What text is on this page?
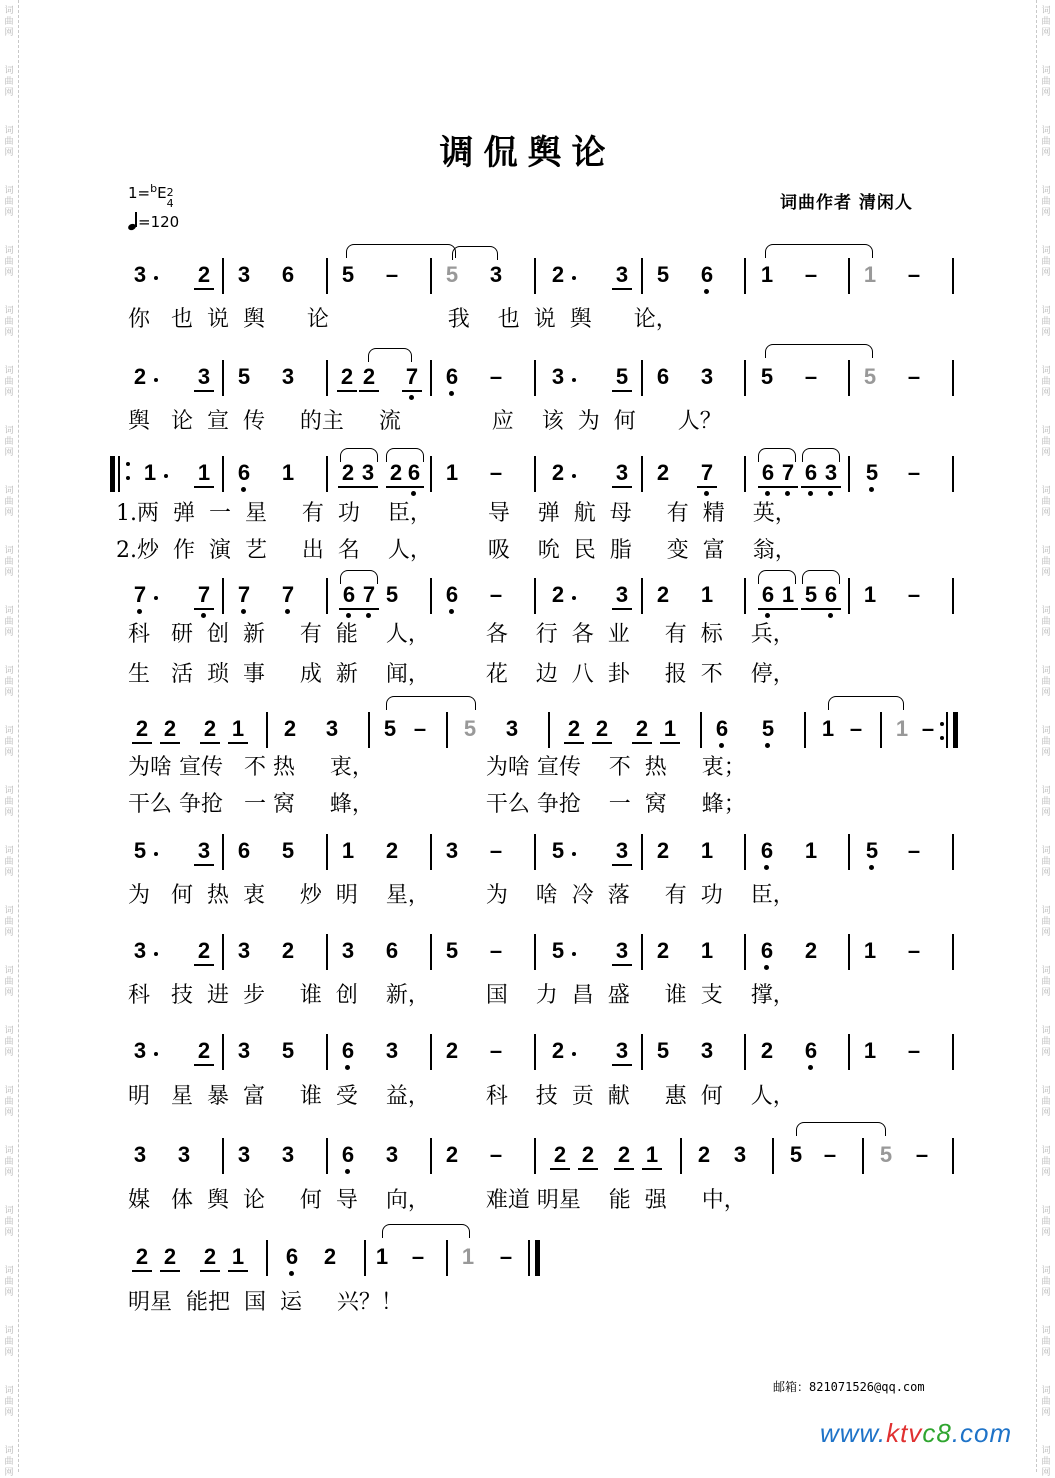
词
曲
网
词
曲
网
词
曲
网
词
曲
网
词
曲
网
词
曲
网
词
曲
网
词
曲
网
词
曲
网
词
曲
网
词
曲
网
词
曲
网
词
曲
网
词
曲
网
词
曲
网
词
曲
网
词
曲
网
词
曲
网
词
曲
网
词
曲
网
词
曲
网
词
曲
网
词
曲
网
词
曲
网
词
曲
网
词
曲
网
词
曲
网
词
曲
网
词
曲
网
词
曲
网
词
曲
网
词
曲
网
词
曲
网
词
曲
网
词
曲
网
词
曲
网
词
曲
网
词
曲
网
词
曲
网
词
曲
网
词
曲
网
词
曲
网
词
曲
网
词
曲
网
词
曲
网
词
曲
网
词
曲
网
词
曲
网
词
曲
网
词
曲
网
调侃舆论
1=$^b$E 2
4
=120
词曲作者 清闲人
3 2 3 6 5 – 5 3 2 3 5 6 1 – 1 –
2 3 5 3 2 2 7 6 – 3 5 6 3 5 – 5 –
1 1 6 1 2 3 2 6 1 – 2 3 2 7 6 7 6 3 5 –
7 7 7 7 6 7 5 6 – 2 3 2 1 6 1 5 6 1 –
2 2 2 1 2 3 5 – 5 3 2 2 2 1 6 5 1 – 1 –
5 3 6 5 1 2 3 – 5 3 2 1 6 1 5 –
3 2 3 2 3 6 5 – 5 3 2 1 6 2 1 –
3 2 3 5 6 3 2 – 2 3 5 3 2 6 1 –
3 3 3 3 6 3 2 – 2 2 2 1 2 3 5 – 5 –
2 2 2 1 6 2 1 – 1 –
你   也  说  舆      论                 我    也  说  舆      论，
舆   论  宣  传     的主     流             应    该  为  何      人？
1.两  弹  一  星     有  功    臣，        导    弹  航  母     有  精    英，
2.炒  作  演  艺     出  名    人，        吸    吮  民  脂     变  富    翁，
科   研  创  新     有  能    人，        各    行  各  业     有  标    兵，
生   活  琐  事     成  新    闻，        花    边  八  卦     报  不    停，
为啥 宣传   不 热     衷，                为啥 宣传    不  热     衷；
干么 争抢   一 窝     蜂，                干么 争抢    一  窝     蜂；
为   何  热  衷     炒  明    星，        为    啥  冷  落     有  功    臣，
科   技  进  步     谁  创    新，        国    力  昌  盛     谁  支    撑，
明   星  暴  富     谁  受    益，        科    技  贡  献     惠  何    人，
媒   体  舆  论     何  导    向，        难道 明星    能  强     中，
明星  能把  国  运     兴？！
邮箱：821071526@qq.com
www.ktvc8.com
